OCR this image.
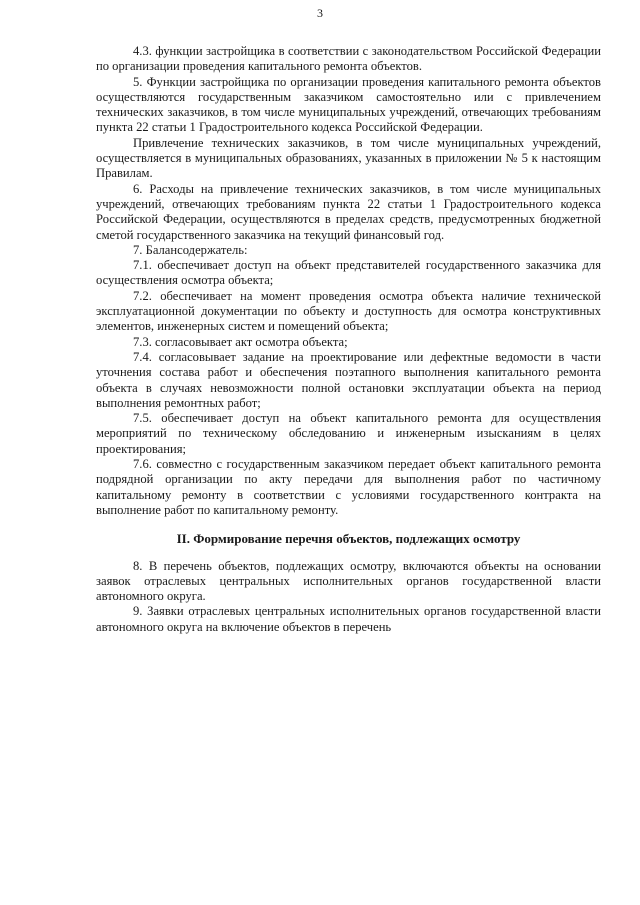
3

4.3. функции застройщика в соответствии с законодательством Российской Федерации по организации проведения капитального ремонта объектов.

5. Функции застройщика по организации проведения капитального ремонта объектов осуществляются государственным заказчиком самостоятельно или с привлечением технических заказчиков, в том числе муниципальных учреждений, отвечающих требованиям пункта 22 статьи 1 Градостроительного кодекса Российской Федерации.

Привлечение технических заказчиков, в том числе муниципальных учреждений, осуществляется в муниципальных образованиях, указанных в приложении № 5 к настоящим Правилам.

6. Расходы на привлечение технических заказчиков, в том числе муниципальных учреждений, отвечающих требованиям пункта 22 статьи 1 Градостроительного кодекса Российской Федерации, осуществляются в пределах средств, предусмотренных бюджетной сметой государственного заказчика на текущий финансовый год.

7. Балансодержатель:

7.1. обеспечивает доступ на объект представителей государственного заказчика для осуществления осмотра объекта;

7.2. обеспечивает на момент проведения осмотра объекта наличие технической эксплуатационной документации по объекту и доступность для осмотра конструктивных элементов, инженерных систем и помещений объекта;

7.3. согласовывает акт осмотра объекта;

7.4. согласовывает задание на проектирование или дефектные ведомости в части уточнения состава работ и обеспечения поэтапного выполнения капитального ремонта объекта в случаях невозможности полной остановки эксплуатации объекта на период выполнения ремонтных работ;

7.5. обеспечивает доступ на объект капитального ремонта для осуществления мероприятий по техническому обследованию и инженерным изысканиям в целях проектирования;

7.6. совместно с государственным заказчиком передает объект капитального ремонта подрядной организации по акту передачи для выполнения работ по частичному капитальному ремонту в соответствии с условиями государственного контракта на выполнение работ по капитальному ремонту.

II. Формирование перечня объектов, подлежащих осмотру

8. В перечень объектов, подлежащих осмотру, включаются объекты на основании заявок отраслевых центральных исполнительных органов государственной власти автономного округа.

9. Заявки отраслевых центральных исполнительных органов государственной власти автономного округа на включение объектов в перечень
